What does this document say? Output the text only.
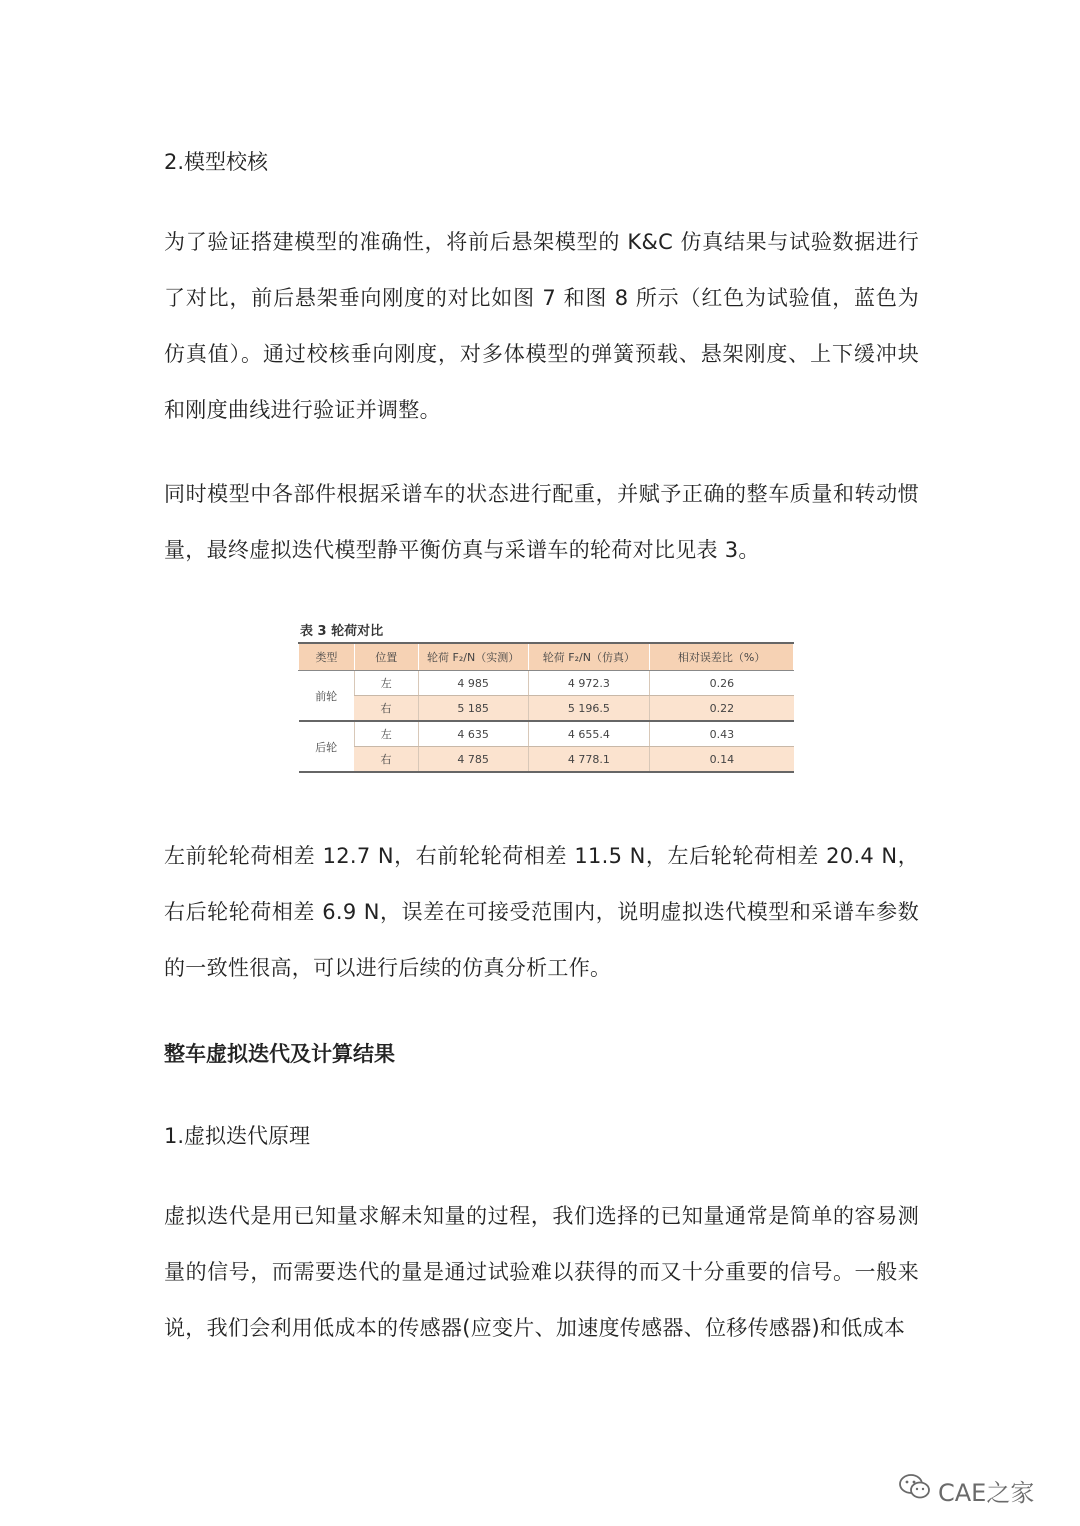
2.模型校核

为了验证搭建模型的准确性，将前后悬架模型的 K&C 仿真结果与试验数据进行了对比，前后悬架垂向刚度的对比如图 7 和图 8 所示（红色为试验值，蓝色为仿真值）。通过校核垂向刚度，对多体模型的弹簧预载、悬架刚度、上下缓冲块和刚度曲线进行验证并调整。

同时模型中各部件根据采谱车的状态进行配重，并赋予正确的整车质量和转动惯量，最终虚拟迭代模型静平衡仿真与采谱车的轮荷对比见表 3。

表 3 轮荷对比
类型	位置	轮荷 F₂/N（实测）	轮荷 F₂/N（仿真）	相对误差比（%）
前轮	左	4 985	4 972.3	0.26
	右	5 185	5 196.5	0.22
后轮	左	4 635	4 655.4	0.43
	右	4 785	4 778.1	0.14

左前轮轮荷相差 12.7 N，右前轮轮荷相差 11.5 N，左后轮轮荷相差 20.4 N，右后轮轮荷相差 6.9 N，误差在可接受范围内，说明虚拟迭代模型和采谱车参数的一致性很高，可以进行后续的仿真分析工作。

整车虚拟迭代及计算结果

1.虚拟迭代原理

虚拟迭代是用已知量求解未知量的过程，我们选择的已知量通常是简单的容易测量的信号，而需要迭代的量是通过试验难以获得的而又十分重要的信号。一般来说，我们会利用低成本的传感器(应变片、加速度传感器、位移传感器)和低成本

CAE之家
